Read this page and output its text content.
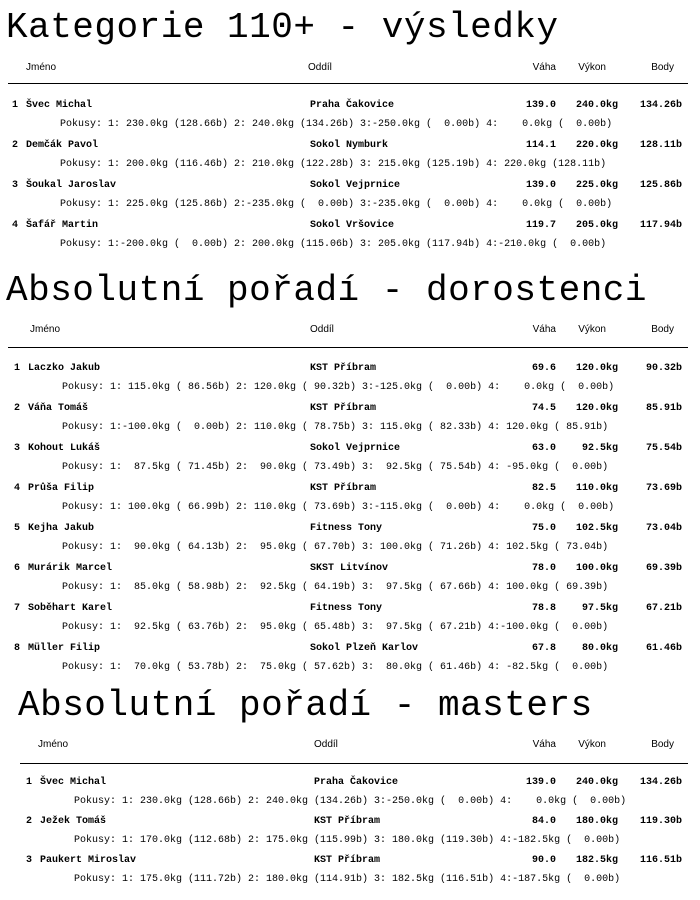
Kategorie 110+ - výsledky
Jméno	Oddíl	Váha	Výkon	Body
1 Švec Michal	Praha Čakovice	139.0	240.0kg	134.26b
Pokusy: 1: 230.0kg (128.66b) 2: 240.0kg (134.26b) 3:-250.0kg (  0.00b) 4:    0.0kg (  0.00b)
2 Demčák Pavol	Sokol Nymburk	114.1	220.0kg	128.11b
Pokusy: 1: 200.0kg (116.46b) 2: 210.0kg (122.28b) 3: 215.0kg (125.19b) 4: 220.0kg (128.11b)
3 Šoukal Jaroslav	Sokol Vejprnice	139.0	225.0kg	125.86b
Pokusy: 1: 225.0kg (125.86b) 2:-235.0kg (  0.00b) 3:-235.0kg (  0.00b) 4:    0.0kg (  0.00b)
4 Šafář Martin	Sokol Vršovice	119.7	205.0kg	117.94b
Pokusy: 1:-200.0kg (  0.00b) 2: 200.0kg (115.06b) 3: 205.0kg (117.94b) 4:-210.0kg (  0.00b)
Absolutní pořadí - dorostenci
Jméno	Oddíl	Váha	Výkon	Body
1 Laczko Jakub	KST Příbram	69.6	120.0kg	90.32b
Pokusy: 1: 115.0kg ( 86.56b) 2: 120.0kg ( 90.32b) 3:-125.0kg (  0.00b) 4:    0.0kg (  0.00b)
2 Váňa Tomáš	KST Příbram	74.5	120.0kg	85.91b
Pokusy: 1:-100.0kg (  0.00b) 2: 110.0kg ( 78.75b) 3: 115.0kg ( 82.33b) 4: 120.0kg ( 85.91b)
3 Kohout Lukáš	Sokol Vejprnice	63.0	92.5kg	75.54b
Pokusy: 1:  87.5kg ( 71.45b) 2:  90.0kg ( 73.49b) 3:  92.5kg ( 75.54b) 4: -95.0kg (  0.00b)
4 Průša Filip	KST Příbram	82.5	110.0kg	73.69b
Pokusy: 1: 100.0kg ( 66.99b) 2: 110.0kg ( 73.69b) 3:-115.0kg (  0.00b) 4:    0.0kg (  0.00b)
5 Kejha Jakub	Fitness Tony	75.0	102.5kg	73.04b
Pokusy: 1:  90.0kg ( 64.13b) 2:  95.0kg ( 67.70b) 3: 100.0kg ( 71.26b) 4: 102.5kg ( 73.04b)
6 Murárik Marcel	SKST Litvínov	78.0	100.0kg	69.39b
Pokusy: 1:  85.0kg ( 58.98b) 2:  92.5kg ( 64.19b) 3:  97.5kg ( 67.66b) 4: 100.0kg ( 69.39b)
7 Soběhart Karel	Fitness Tony	78.8	97.5kg	67.21b
Pokusy: 1:  92.5kg ( 63.76b) 2:  95.0kg ( 65.48b) 3:  97.5kg ( 67.21b) 4:-100.0kg (  0.00b)
8 Müller Filip	Sokol Plzeň Karlov	67.8	80.0kg	61.46b
Pokusy: 1:  70.0kg ( 53.78b) 2:  75.0kg ( 57.62b) 3:  80.0kg ( 61.46b) 4: -82.5kg (  0.00b)
Absolutní pořadí - masters
Jméno	Oddíl	Váha	Výkon	Body
1 Švec Michal	Praha Čakovice	139.0	240.0kg	134.26b
Pokusy: 1: 230.0kg (128.66b) 2: 240.0kg (134.26b) 3:-250.0kg (  0.00b) 4:    0.0kg (  0.00b)
2 Ježek Tomáš	KST Příbram	84.0	180.0kg	119.30b
Pokusy: 1: 170.0kg (112.68b) 2: 175.0kg (115.99b) 3: 180.0kg (119.30b) 4:-182.5kg (  0.00b)
3 Paukert Miroslav	KST Příbram	90.0	182.5kg	116.51b
Pokusy: 1: 175.0kg (111.72b) 2: 180.0kg (114.91b) 3: 182.5kg (116.51b) 4:-187.5kg (  0.00b)
